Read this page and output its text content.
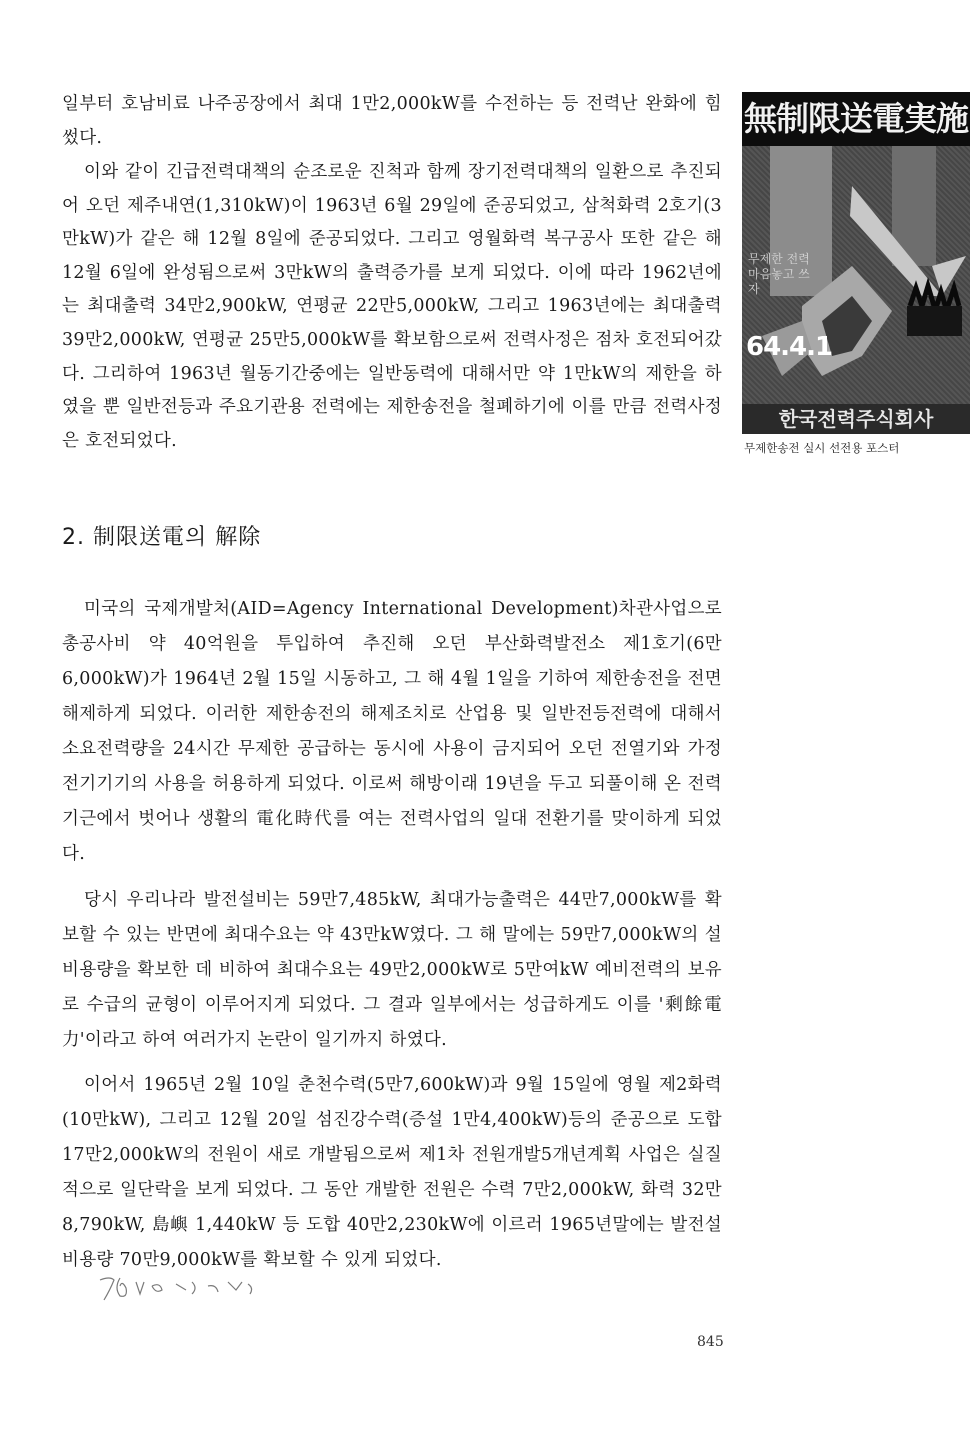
일부터 호남비료 나주공장에서 최대 1만2,000kW를 수전하는 등 전력난 완화에 힘썼다.

이와 같이 긴급전력대책의 순조로운 진척과 함께 장기전력대책의 일환으로 추진되어 오던 제주내연(1,310kW)이 1963년 6월 29일에 준공되었고, 삼척화력 2호기(3만kW)가 같은 해 12월 8일에 준공되었다. 그리고 영월화력 복구공사 또한 같은 해 12월 6일에 완성됨으로써 3만kW의 출력증가를 보게 되었다. 이에 따라 1962년에는 최대출력 34만2,900kW, 연평균 22만5,000kW, 그리고 1963년에는 최대출력 39만2,000kW, 연평균 25만5,000kW를 확보함으로써 전력사정은 점차 호전되어갔다. 그리하여 1963년 월동기간중에는 일반동력에 대해서만 약 1만kW의 제한을 하였을 뿐 일반전등과 주요기관용 전력에는 제한송전을 철폐하기에 이를 만큼 전력사정은 호전되었다.

無制限送電実施
무제한 전력 마음놓고 쓰자
64.4.1
한국전력주식회사

무제한송전 실시 선전용 포스터

2. 制限送電의 解除

미국의 국제개발처(AID=Agency International Development)차관사업으로 총공사비 약 40억원을 투입하여 추진해 오던 부산화력발전소 제1호기(6만6,000kW)가 1964년 2월 15일 시동하고, 그 해 4월 1일을 기하여 제한송전을 전면해제하게 되었다. 이러한 제한송전의 해제조치로 산업용 및 일반전등전력에 대해서 소요전력량을 24시간 무제한 공급하는 동시에 사용이 금지되어 오던 전열기와 가정전기기기의 사용을 허용하게 되었다. 이로써 해방이래 19년을 두고 되풀이해 온 전력기근에서 벗어나 생활의 電化時代를 여는 전력사업의 일대 전환기를 맞이하게 되었다.

당시 우리나라 발전설비는 59만7,485kW, 최대가능출력은 44만7,000kW를 확보할 수 있는 반면에 최대수요는 약 43만kW였다. 그 해 말에는 59만7,000kW의 설비용량을 확보한 데 비하여 최대수요는 49만2,000kW로 5만여kW 예비전력의 보유로 수급의 균형이 이루어지게 되었다. 그 결과 일부에서는 성급하게도 이를 '剩餘電力'이라고 하여 여러가지 논란이 일기까지 하였다.

이어서 1965년 2월 10일 춘천수력(5만7,600kW)과 9월 15일에 영월 제2화력(10만kW), 그리고 12월 20일 섬진강수력(증설 1만4,400kW)등의 준공으로 도합 17만2,000kW의 전원이 새로 개발됨으로써 제1차 전원개발5개년계획 사업은 실질적으로 일단락을 보게 되었다. 그 동안 개발한 전원은 수력 7만2,000kW, 화력 32만8,790kW, 島嶼 1,440kW 등 도합 40만2,230kW에 이르러 1965년말에는 발전설비용량 70만9,000kW를 확보할 수 있게 되었다.

845
